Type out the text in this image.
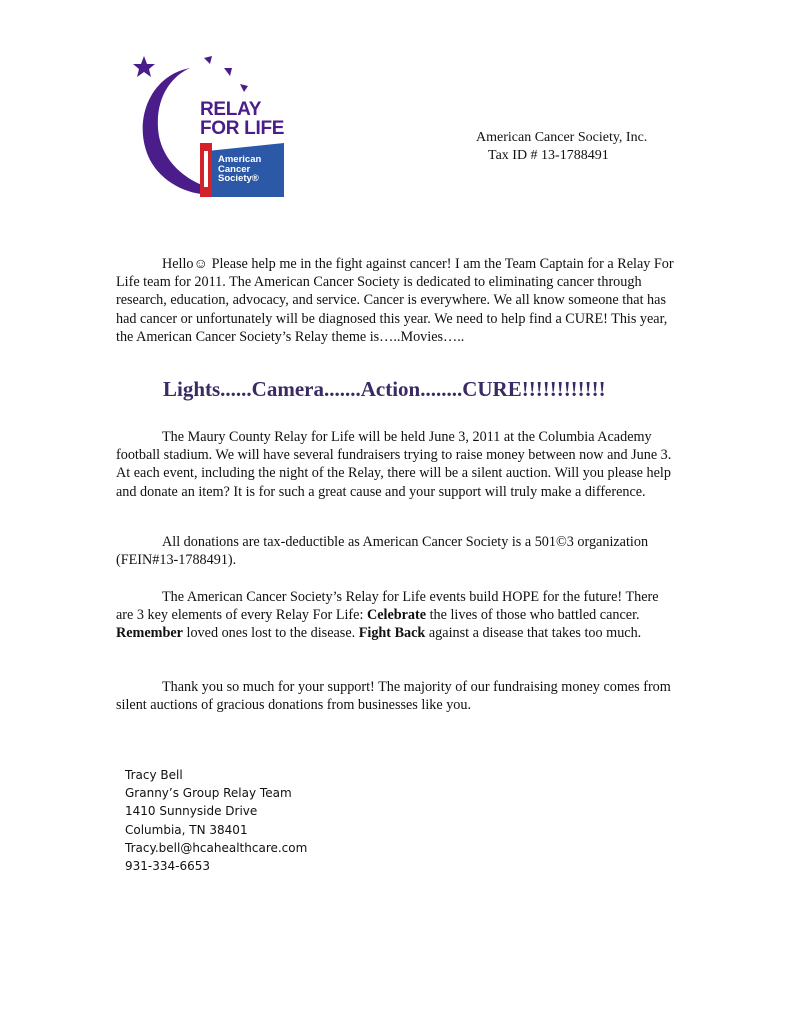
RELAY
FOR LIFE
American
Cancer
Society®
American Cancer Society, Inc.
Tax ID # 13-1788491

Hello☺ Please help me in the fight against cancer! I am the Team Captain for a Relay For Life team for 2011. The American Cancer Society is dedicated to eliminating cancer through research, education, advocacy, and service. Cancer is everywhere. We all know someone that has had cancer or unfortunately will be diagnosed this year. We need to help find a CURE! This year, the American Cancer Society’s Relay theme is…..Movies…..

Lights......Camera.......Action........CURE!!!!!!!!!!!!

The Maury County Relay for Life will be held June 3, 2011 at the Columbia Academy football stadium. We will have several fundraisers trying to raise money between now and June 3. At each event, including the night of the Relay, there will be a silent auction. Will you please help and donate an item? It is for such a great cause and your support will truly make a difference.

All donations are tax-deductible as American Cancer Society is a 501©3 organization (FEIN#13-1788491).

The American Cancer Society’s Relay for Life events build HOPE for the future! There are 3 key elements of every Relay For Life: Celebrate the lives of those who battled cancer. Remember loved ones lost to the disease. Fight Back against a disease that takes too much.

Thank you so much for your support! The majority of our fundraising money comes from silent auctions of gracious donations from businesses like you.

Tracy Bell
Granny’s Group Relay Team
1410 Sunnyside Drive
Columbia, TN 38401
Tracy.bell@hcahealthcare.com
931-334-6653
